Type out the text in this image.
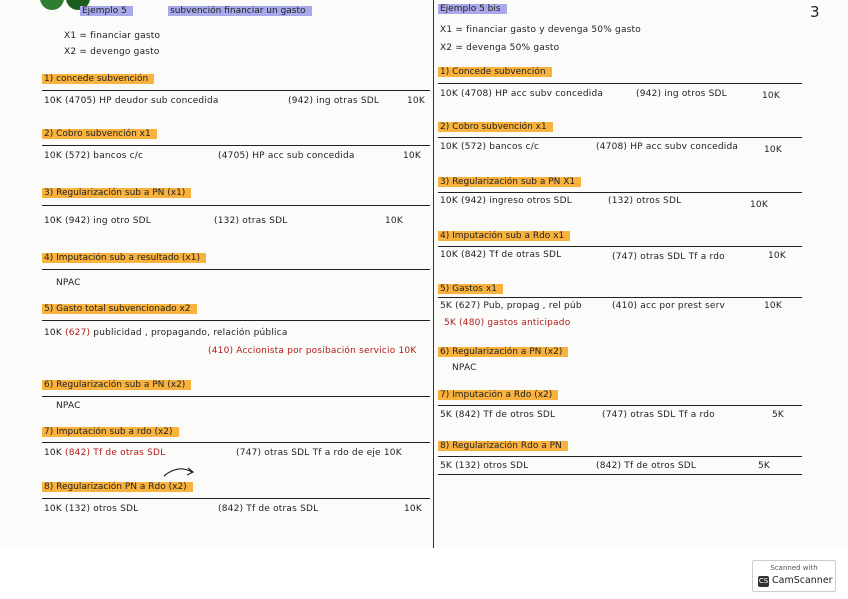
3
Ejemplo 5	subvención financiar un gasto
X1 = financiar gasto
X2 = devengo gasto
1) concede subvención
10K (4705) HP deudor sub concedida	(942) ing otras SDL	10K
2) Cobro subvención x1
10K (572) bancos c/c	(4705) HP acc sub concedida	10K
3) Regularización sub a PN (x1)
10K (942) ing otro SDL	(132) otras SDL	10K
4) Imputación sub a resultado (x1)
NPAC
5) Gasto total subvencionado x2
10K (627) publicidad , propagando, relación pública
(410) Accionista por posibación servicio 10K
6) Regularización sub a PN (x2)
NPAC
7) Imputación sub a rdo (x2)
10K (842) Tf de otras SDL	(747) otras SDL Tf a rdo de eje 10K
8) Regularización PN a Rdo (x2)
10K (132) otros SDL	(842) Tf de otras SDL	10K
Ejemplo 5 bis
X1 = financiar gasto y devenga 50% gasto
X2 = devenga 50% gasto
1) Concede subvención
10K (4708) HP acc subv concedida	(942) ing otros SDL	10K
2) Cobro subvención x1
10K (572) bancos c/c	(4708) HP acc subv concedida	10K
3) Regularización sub a PN X1
10K (942) ingreso otros SDL	(132) otros SDL	10K
4) Imputación sub a Rdo x1
10K (842) Tf de otras SDL	(747) otras SDL Tf a rdo	10K
5) Gastos x1
5K (627) Pub, propag , rel púb	(410) acc por prest serv	10K
5K (480) gastos anticipado
6) Regularización a PN (x2)
NPAC
7) Imputación a Rdo (x2)
5K (842) Tf de otros SDL	(747) otras SDL Tf a rdo	5K
8) Regularización Rdo a PN
5K (132) otros SDL	(842) Tf de otros SDL	5K
Scanned with
CS CamScanner
